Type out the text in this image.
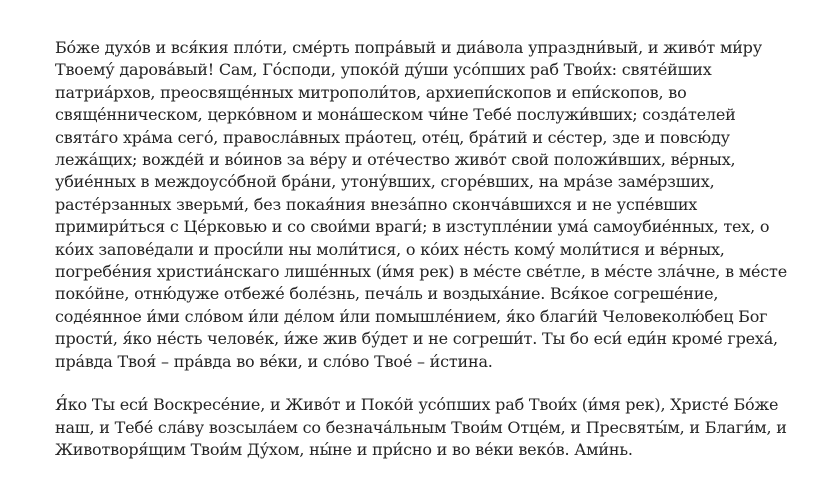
Бо́же духо́в и вся́кия пло́ти, сме́рть попра́вый и диа́вола упраздни́вый, и живо́т ми́ру
Твоему́ дарова́вый! Сам, Го́споди, упоко́й ду́ши усо́пших раб Твои́х: святе́йших
патриа́рхов, преосвяще́нных митрополи́тов, архиепи́скопов и епи́скопов, во
свяще́нническом, церко́вном и мона́шеском чи́не Тебе́ послужи́вших; созда́телей
свята́го хра́ма сего́, правосла́вных пра́отец, оте́ц, бра́тий и се́стер, зде и повсю́ду
лежа́щих; вожде́й и во́инов за ве́ру и оте́чество живо́т свой положи́вших, ве́рных,
убие́нных в междоусо́бной бра́ни, утону́вших, сгоре́вших, на мра́зе заме́рзших,
расте́рзанных зверьми́, без покая́ния внеза́пно сконча́вшихся и не успе́вших
примири́ться с Це́рковью и со свои́ми враги́; в изступле́нии ума́ самоубие́нных, тех, о
ко́их запове́дали и проси́ли ны моли́тися, о ко́их не́сть кому́ моли́тися и ве́рных,
погребе́ния христиа́нскаго лише́нных (и́мя рек) в ме́сте све́тле, в ме́сте зла́чне, в ме́сте
поко́йне, отню́дуже отбеже́ боле́знь, печа́ль и воздыха́ние. Вся́кое согреше́ние,
соде́янное и́ми сло́вом и́ли де́лом и́ли помышле́нием, я́ко благи́й Человеколю́бец Бог
прости́, я́ко не́сть челове́к, и́же жив бу́дет и не согреши́т. Ты бо еси́ еди́н кроме́ греха́,
пра́вда Твоя́ – пра́вда во ве́ки, и сло́во Твое́ – и́стина.
Я́ко Ты еси́ Воскресе́ние, и Живо́т и Поко́й усо́пших раб Твои́х (и́мя рек), Христе́ Бо́же
наш, и Тебе́ сла́ву возсыла́ем со безнача́льным Твои́м Отце́м, и Пресвяты́м, и Благи́м, и
Животворя́щим Твои́м Ду́хом, ны́не и при́сно и во ве́ки веко́в. Ами́нь.
